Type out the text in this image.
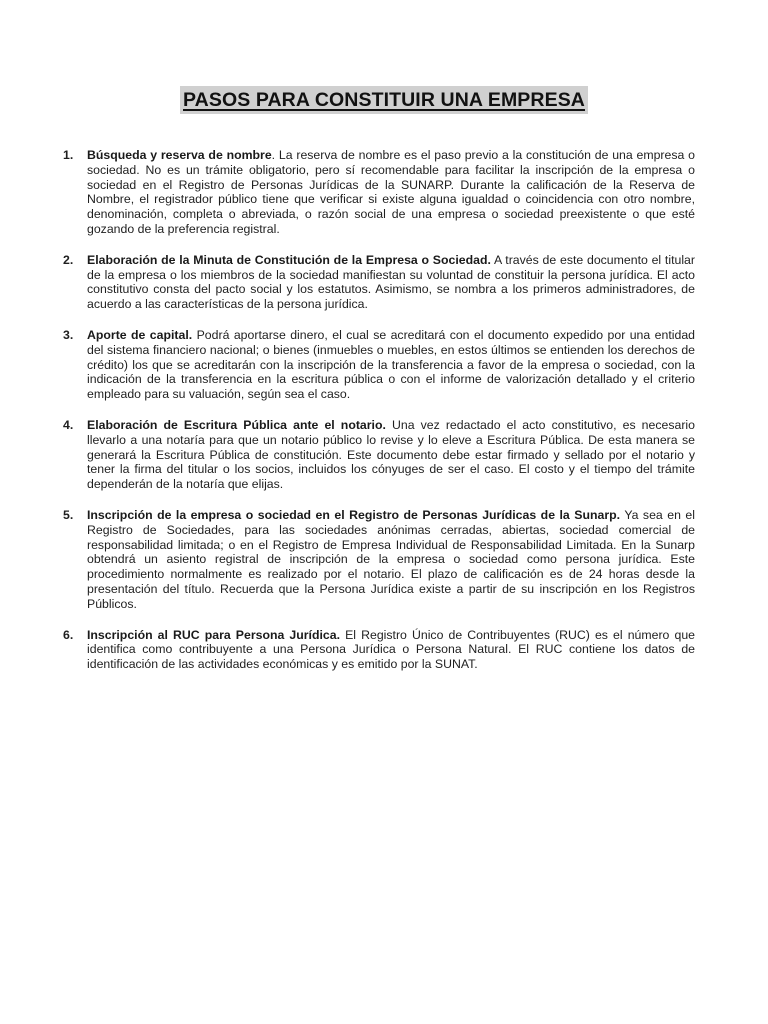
PASOS PARA CONSTITUIR UNA EMPRESA
1. Búsqueda y reserva de nombre. La reserva de nombre es el paso previo a la constitución de una empresa o sociedad. No es un trámite obligatorio, pero sí recomendable para facilitar la inscripción de la empresa o sociedad en el Registro de Personas Jurídicas de la SUNARP. Durante la calificación de la Reserva de Nombre, el registrador público tiene que verificar si existe alguna igualdad o coincidencia con otro nombre, denominación, completa o abreviada, o razón social de una empresa o sociedad preexistente o que esté gozando de la preferencia registral.
2. Elaboración de la Minuta de Constitución de la Empresa o Sociedad. A través de este documento el titular de la empresa o los miembros de la sociedad manifiestan su voluntad de constituir la persona jurídica. El acto constitutivo consta del pacto social y los estatutos. Asimismo, se nombra a los primeros administradores, de acuerdo a las características de la persona jurídica.
3. Aporte de capital. Podrá aportarse dinero, el cual se acreditará con el documento expedido por una entidad del sistema financiero nacional; o bienes (inmuebles o muebles, en estos últimos se entienden los derechos de crédito) los que se acreditarán con la inscripción de la transferencia a favor de la empresa o sociedad, con la indicación de la transferencia en la escritura pública o con el informe de valorización detallado y el criterio empleado para su valuación, según sea el caso.
4. Elaboración de Escritura Pública ante el notario. Una vez redactado el acto constitutivo, es necesario llevarlo a una notaría para que un notario público lo revise y lo eleve a Escritura Pública. De esta manera se generará la Escritura Pública de constitución. Este documento debe estar firmado y sellado por el notario y tener la firma del titular o los socios, incluidos los cónyuges de ser el caso. El costo y el tiempo del trámite dependerán de la notaría que elijas.
5. Inscripción de la empresa o sociedad en el Registro de Personas Jurídicas de la Sunarp. Ya sea en el Registro de Sociedades, para las sociedades anónimas cerradas, abiertas, sociedad comercial de responsabilidad limitada; o en el Registro de Empresa Individual de Responsabilidad Limitada. En la Sunarp obtendrá un asiento registral de inscripción de la empresa o sociedad como persona jurídica. Este procedimiento normalmente es realizado por el notario. El plazo de calificación es de 24 horas desde la presentación del título. Recuerda que la Persona Jurídica existe a partir de su inscripción en los Registros Públicos.
6. Inscripción al RUC para Persona Jurídica. El Registro Único de Contribuyentes (RUC) es el número que identifica como contribuyente a una Persona Jurídica o Persona Natural. El RUC contiene los datos de identificación de las actividades económicas y es emitido por la SUNAT.
